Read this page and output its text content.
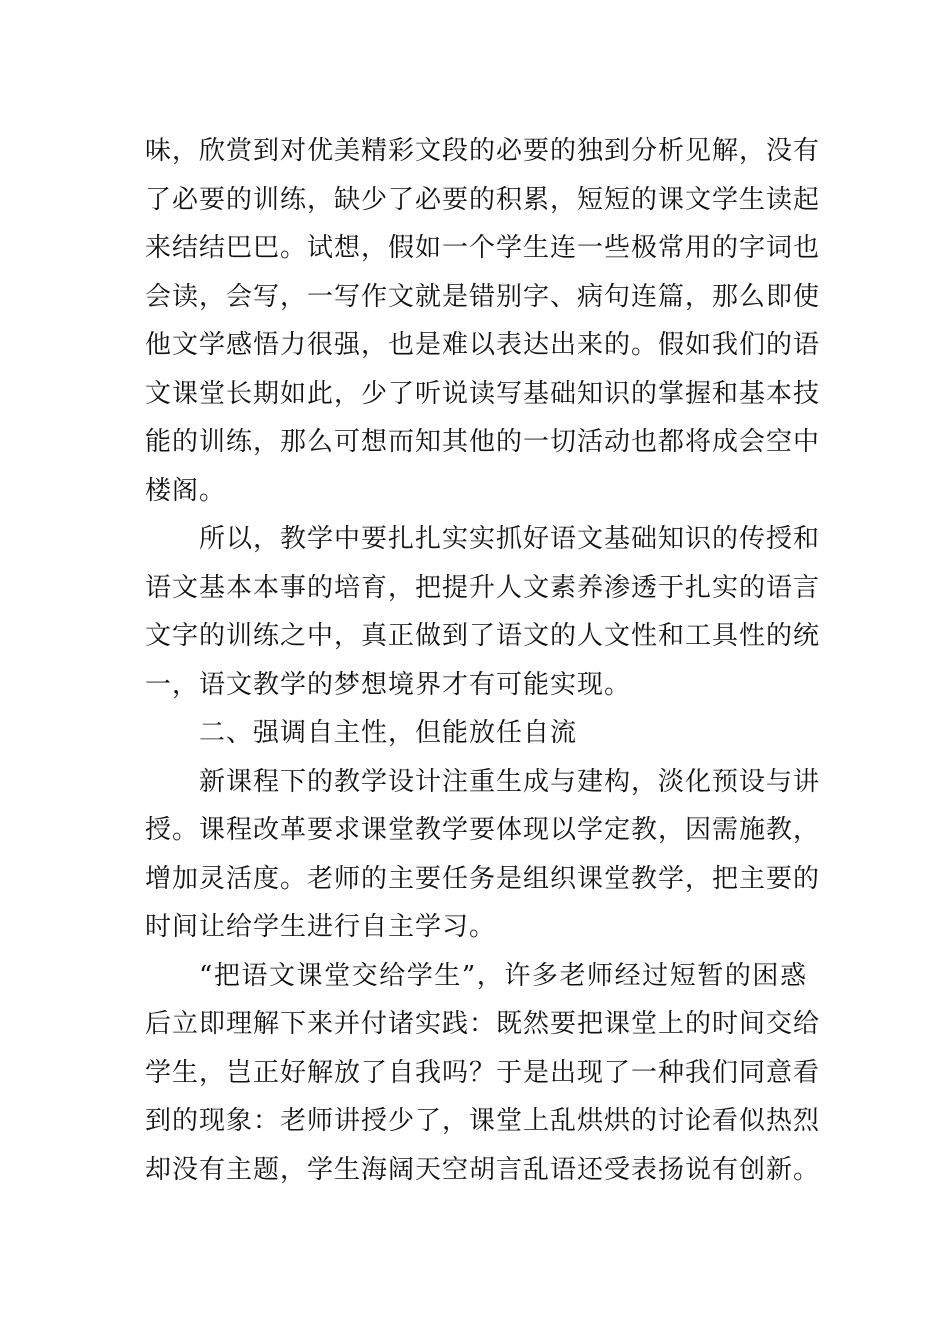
味，欣赏到对优美精彩文段的必要的独到分析见解，没有
了必要的训练，缺少了必要的积累，短短的课文学生读起
来结结巴巴。试想，假如一个学生连一些极常用的字词也
会读，会写，一写作文就是错别字、病句连篇，那么即使
他文学感悟力很强，也是难以表达出来的。假如我们的语
文课堂长期如此，少了听说读写基础知识的掌握和基本技
能的训练，那么可想而知其他的一切活动也都将成会空中
楼阁。
所以，教学中要扎扎实实抓好语文基础知识的传授和
语文基本本事的培育，把提升人文素养渗透于扎实的语言
文字的训练之中，真正做到了语文的人文性和工具性的统
一，语文教学的梦想境界才有可能实现。
二、强调自主性，但能放任自流
新课程下的教学设计注重生成与建构，淡化预设与讲
授。课程改革要求课堂教学要体现以学定教，因需施教，
增加灵活度。老师的主要任务是组织课堂教学，把主要的
时间让给学生进行自主学习。
“把语文课堂交给学生”，许多老师经过短暂的困惑
后立即理解下来并付诸实践：既然要把课堂上的时间交给
学生，岂正好解放了自我吗？于是出现了一种我们同意看
到的现象：老师讲授少了，课堂上乱烘烘的讨论看似热烈
却没有主题，学生海阔天空胡言乱语还受表扬说有创新。
